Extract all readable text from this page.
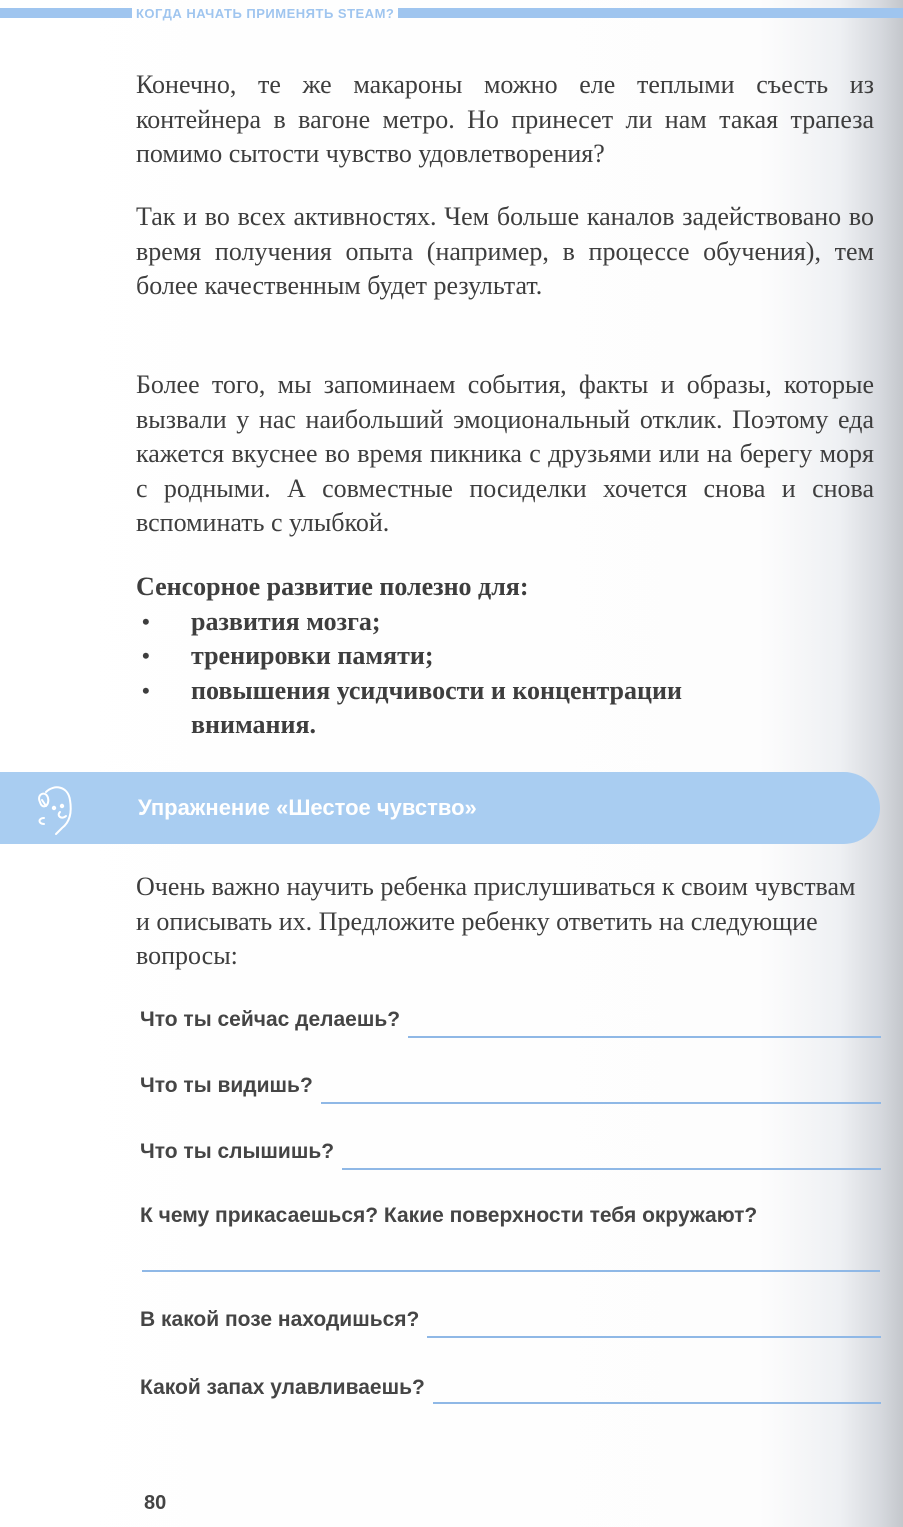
КОГДА НАЧАТЬ ПРИМЕНЯТЬ STEAM?

Конечно, те же макароны можно еле теплыми съесть из контейнера в вагоне метро. Но принесет ли нам такая трапеза помимо сытости чувство удовлетворения?

Так и во всех активностях. Чем больше каналов задействовано во время получения опыта (например, в процессе обучения), тем более качественным будет результат.

Более того, мы запоминаем события, факты и образы, которые вызвали у нас наибольший эмоциональный отклик. Поэтому еда кажется вкуснее во время пикника с друзьями или на берегу моря с родными. А совместные посиделки хочется снова и снова вспоминать с улыбкой.

Сенсорное развитие полезно для:
• развития мозга;
• тренировки памяти;
• повышения усидчивости и концентрации внимания.
Упражнение «Шестое чувство»

Очень важно научить ребенка прислушиваться к своим чувствам и описывать их. Предложите ребенку ответить на следующие вопросы:

Что ты сейчас делаешь?
Что ты видишь?
Что ты слышишь?
К чему прикасаешься? Какие поверхности тебя окружают?
В какой позе находишься?
Какой запах улавливаешь?
80
